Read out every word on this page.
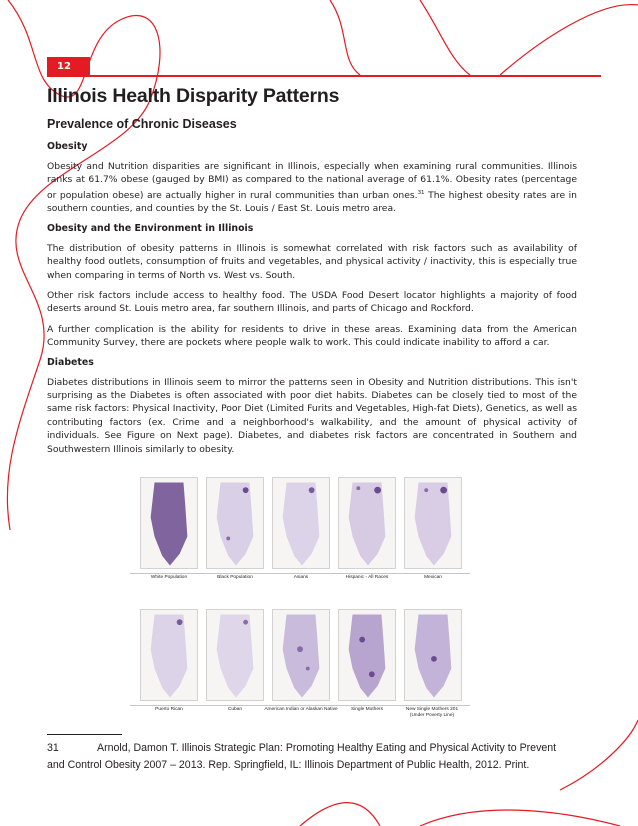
12
Illinois Health Disparity Patterns
Prevalence of Chronic Diseases
Obesity

Obesity and Nutrition disparities are significant in Illinois, especially when examining rural communities. Illinois ranks at 61.7% obese (gauged by BMI) as compared to the national average of 61.1%. Obesity rates (percentage or population obese) are actually higher in rural communities than urban ones.$^{31}$ The highest obesity rates are in southern counties, and counties by the St. Louis / East St. Louis metro area.

Obesity and the Environment in Illinois

The distribution of obesity patterns in Illinois is somewhat correlated with risk factors such as availability of healthy food outlets, consumption of fruits and vegetables, and physical activity / inactivity, this is especially true when comparing in terms of North vs. West vs. South.

Other risk factors include access to healthy food. The USDA Food Desert locator highlights a majority of food deserts around St. Louis metro area, far southern Illinois, and parts of Chicago and Rockford.

A further complication is the ability for residents to drive in these areas. Examining data from the American Community Survey, there are pockets where people walk to work. This could indicate inability to afford a car.

Diabetes

Diabetes distributions in Illinois seem to mirror the patterns seen in Obesity and Nutrition distributions. This isn't surprising as the Diabetes is often associated with poor diet habits. Diabetes can be closely tied to most of the same risk factors: Physical Inactivity, Poor Diet (Limited Furits and Vegetables, High-fat Diets), Genetics, as well as contributing factors (ex. Crime and a neighborhood's walkability, and the amount of physical activity of individuals. See Figure on Next page). Diabetes, and diabetes risk factors are concentrated in Southern and Southwestern Illinois similarly to obesity.

White Population	Black Population	Asians	Hispanic - All Races	Mexican
Puerto Rican	Cuban	American Indian or Alaskan Native	Single Mothers	New Single Mothers 201 (Under Poverty Line)
31	Arnold, Damon T. Illinois Strategic Plan: Promoting Healthy Eating and Physical Activity to Prevent and Control Obesity 2007 – 2013. Rep. Springfield, IL: Illinois Department of Public Health, 2012. Print.
